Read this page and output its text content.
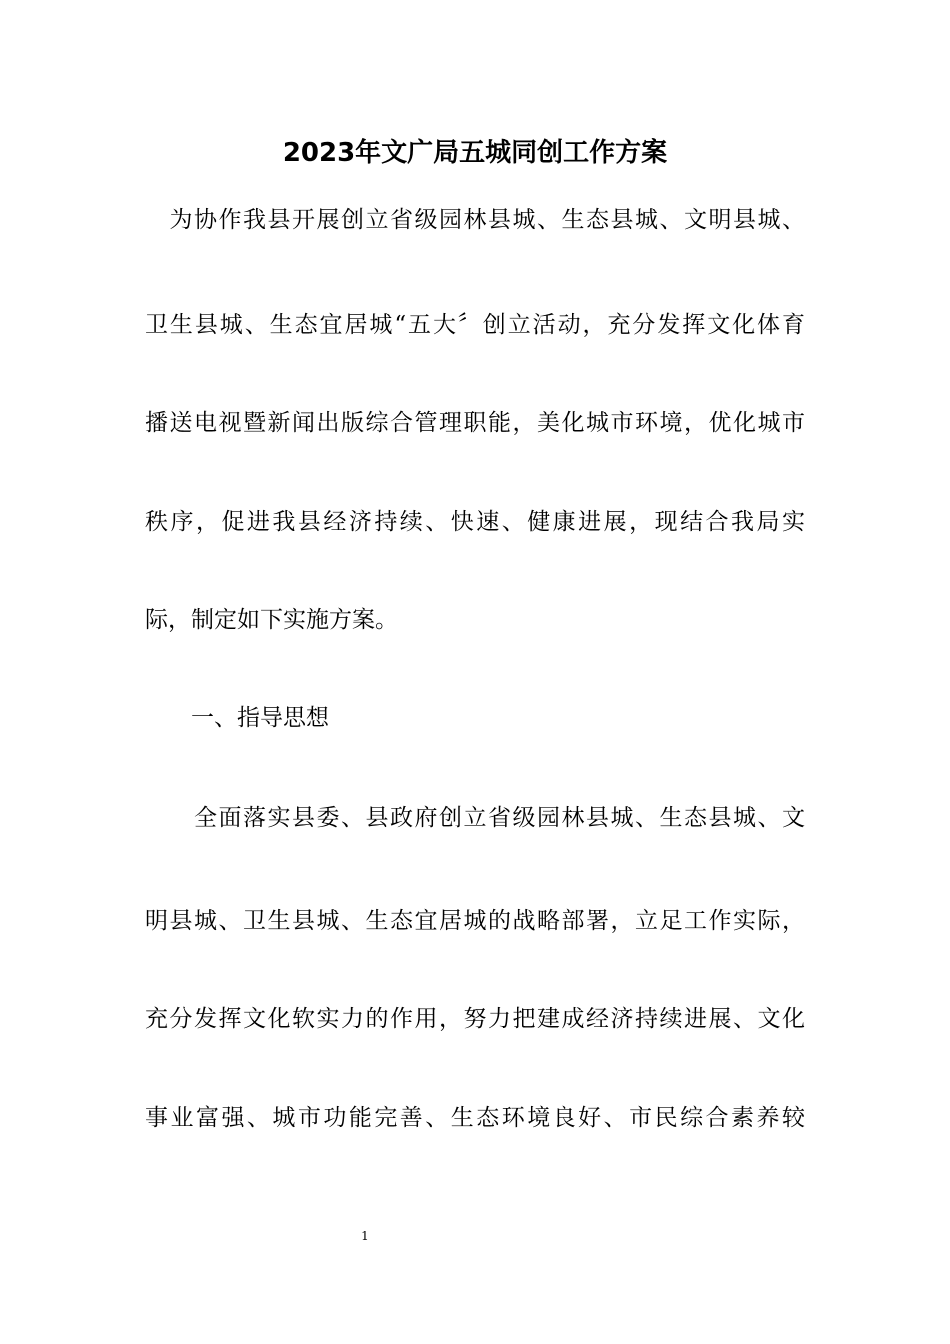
2023年文广局五城同创工作方案
　为协作我县开展创立省级园林县城、生态县城、文明县城、
卫生县城、生态宜居城“五大〞创立活动，充分发挥文化体育
播送电视暨新闻出版综合管理职能，美化城市环境，优化城市
秩序，促进我县经济持续、快速、健康进展，现结合我局实
际，制定如下实施方案。
　　一、指导思想
　　全面落实县委、县政府创立省级园林县城、生态县城、文
明县城、卫生县城、生态宜居城的战略部署，立足工作实际，
充分发挥文化软实力的作用，努力把建成经济持续进展、文化
事业富强、城市功能完善、生态环境良好、市民综合素养较
1
